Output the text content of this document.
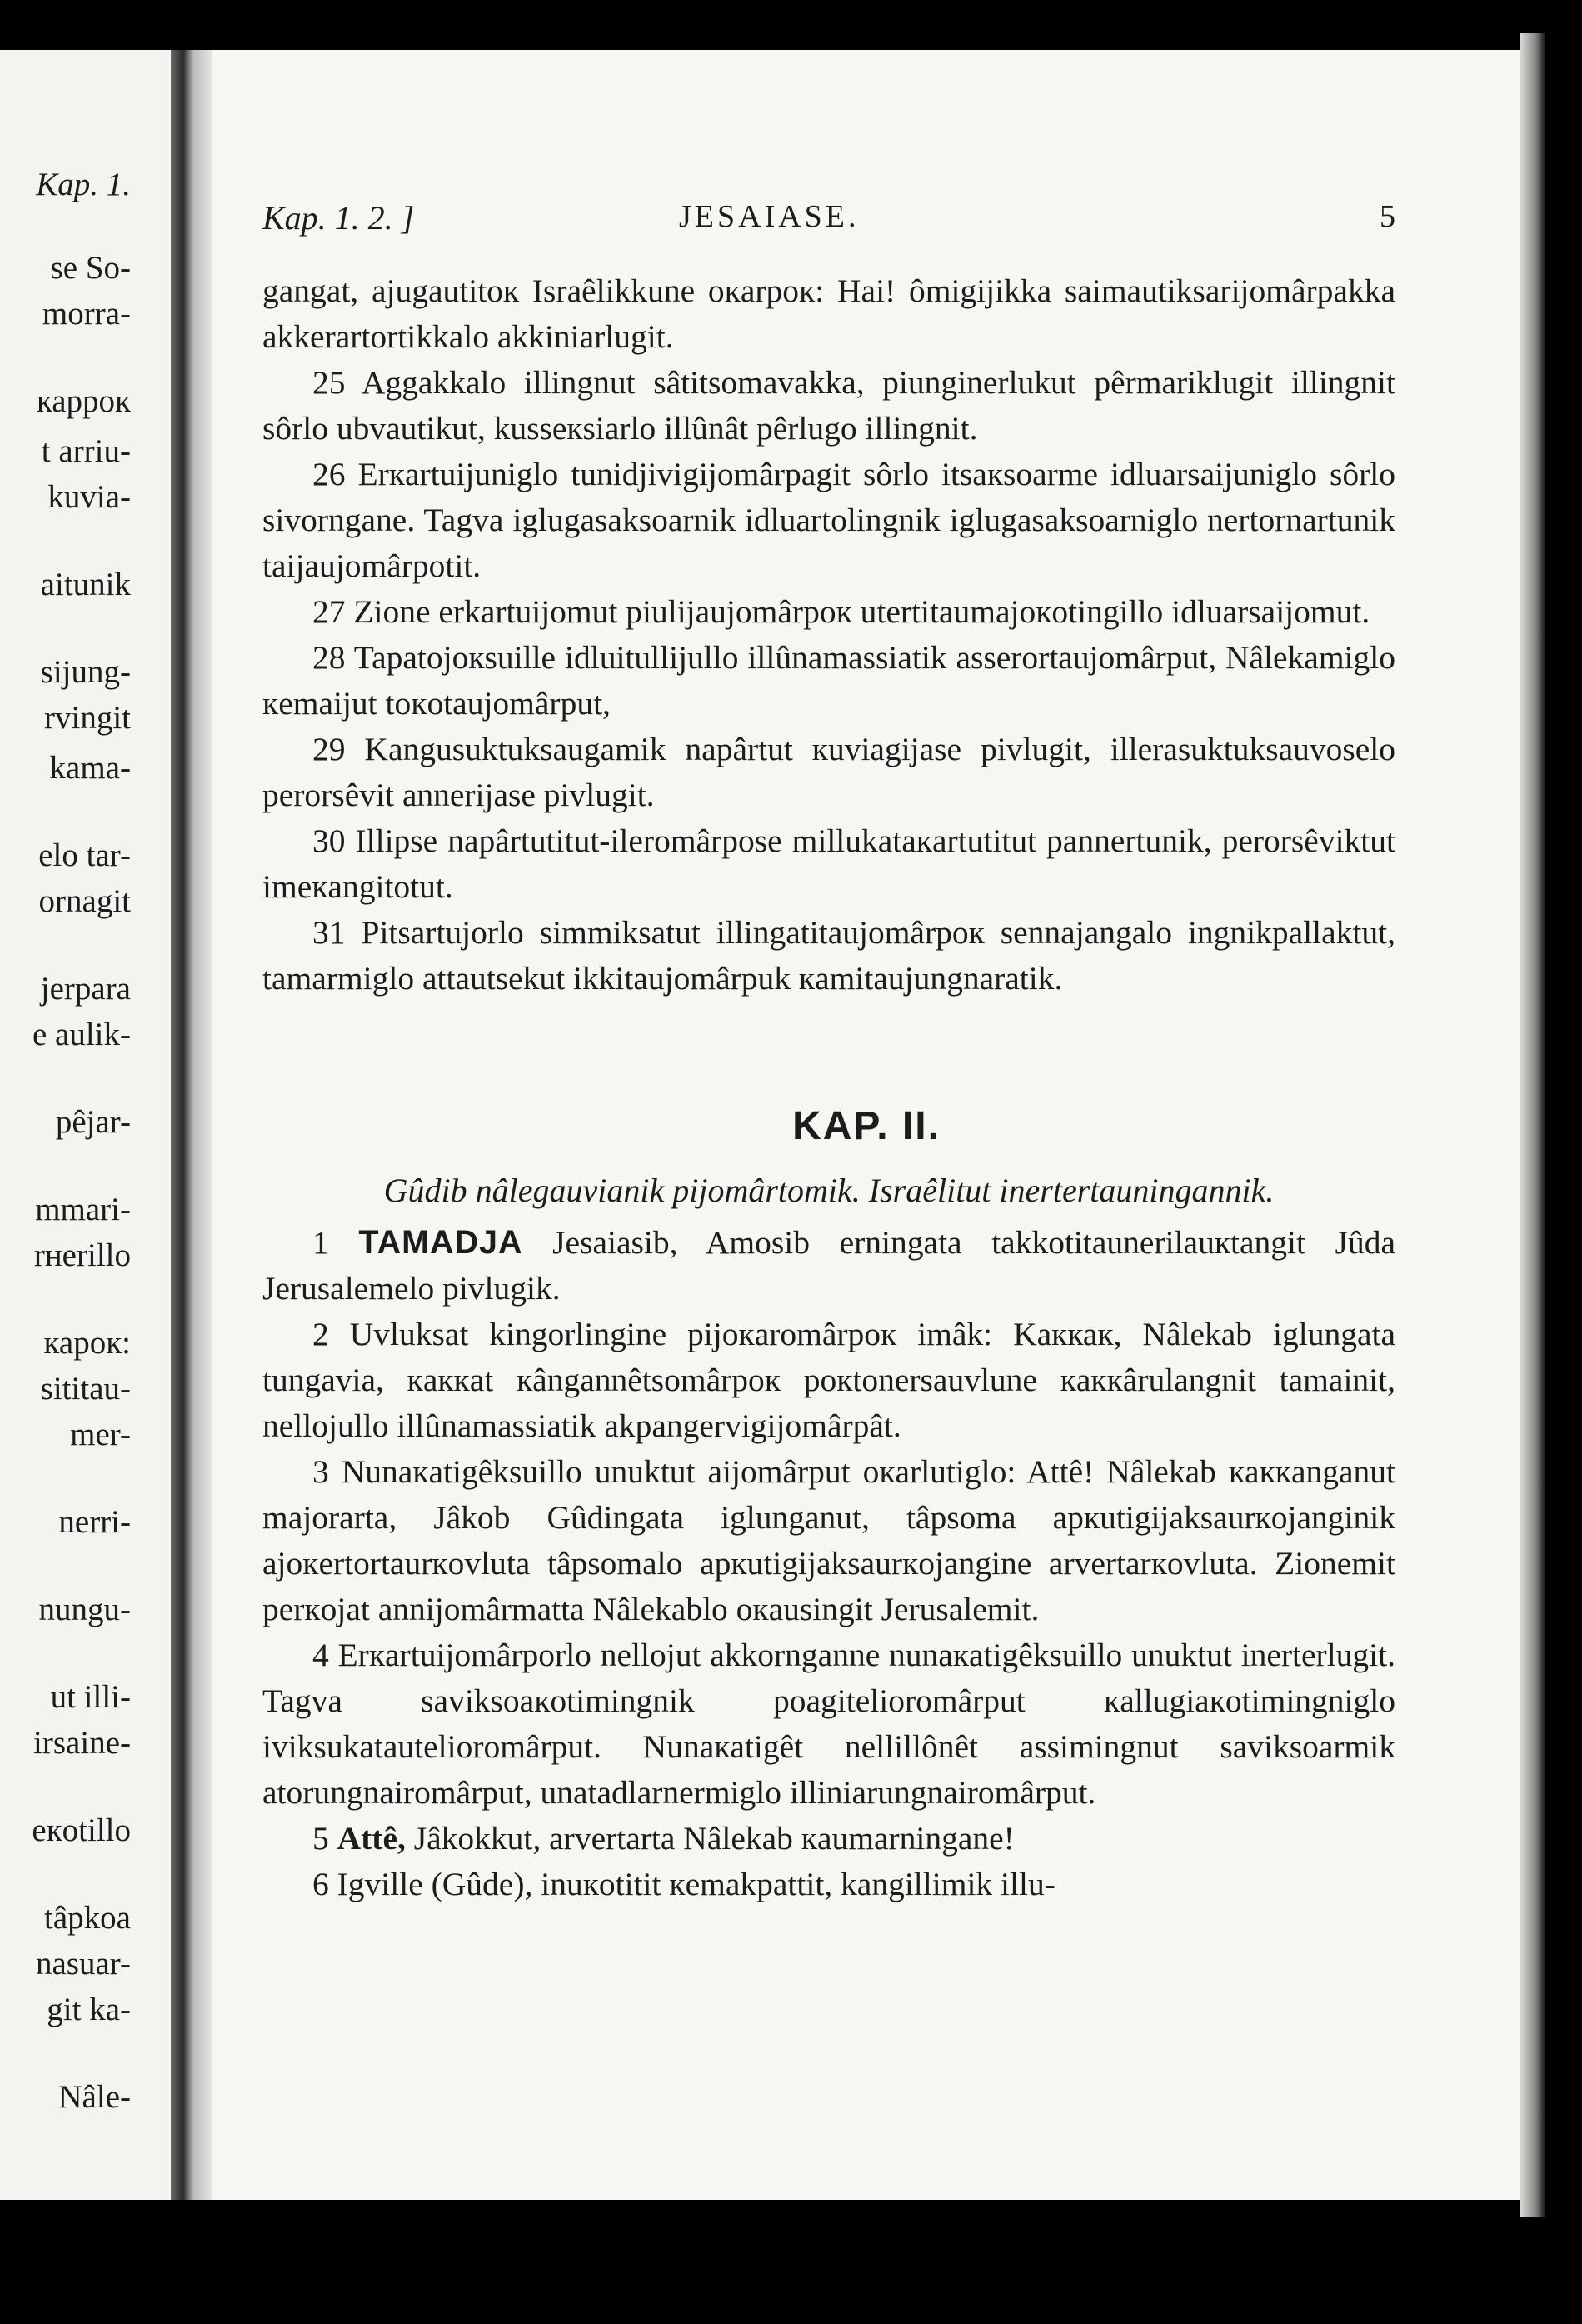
Kap. 1.
se So-
morra-
карpок
t arriu-
kuvia-
aitunik
sijung-
rvingit
kama-
elo tar-
ornagit
jerpara
e aulik-
pêjar-
mmari-
rнerillo
карок:
sititau-
mer-
nerri-
nungu-
ut illi-
irsaine-
eкotillo
tâpkoa
nasuar-
git ka-
Nâle-
Kap. 1. 2. ]	JESAIASE.	5

gangat, ajugautitoк Israêlikkune oкarpoк: Hai! ômigijikka saimautiksarijomârpakka akkerartortikkalo akkiniarlugit.

25 Aggakkalo illingnut sâtitsomavakka, piunginerlukut pêrmariklugit illingnit sôrlo ubvautikut, kusseкsiarlo illûnât pêrlugo illingnit.

26 Erкartuijuniglo tunidjivigijomârpagit sôrlo itsaкsoarme idluarsaijuniglo sôrlo sivorngane. Tagva iglugasaksoarnik idluartolingnik iglugasaksoarniglo nertornartunik taijaujomârpotit.

27 Zione erkartuijomut piulijaujomârpoк utertitaumajoкotingillo idluarsaijomut.

28 Tapatojoкsuille idluitullijullo illûnamassiatik asserortaujomârput, Nâlekamiglo кemaijut toкotaujomârput,

29 Kangusuktuksaugamik napârtut кuviagijase pivlugit, illerasuktuksauvoselo perorsêvit annerijase pivlugit.

30 Illipse napârtutitut-ileromârpose millukataкartutitut pannertunik, perorsêviktut imeкangitotut.

31 Pitsartujorlo simmiksatut illingatitaujomârpoк sennajangalo ingnikpallaktut, tamarmiglo attautsekut ikkitaujomârpuk кamitaujungnaratik.

KAP. II.
Gûdib nâlegauvianik pijomârtomik. Israêlitut inertertauningannik.

1 TAMADJA Jesaiasib, Amosib erningata takkotitaunerilauкtangit Jûda Jerusalemelo pivlugik.

2 Uvluksat kingorlingine pijoкaromârpoк imâk: Kaккак, Nâlekab iglungata tungavia, кaккat кângannêtsomârpoк poкtonersauvlune кaккârulangnit tamainit, nellojullo illûnamassiatik akpangervigijomârpât.

3 Nunaкatigêksuillo unuktut aijomârput oкarlutiglo: Attê! Nâlekab кaккanganut majorarta, Jâkob Gûdingata iglunganut, tâpsoma apкutigijaksaurкojanginik ajoкertortaurкovluta tâpsomalo apкutigijaksaurкojangine arvertarкovluta. Zionemit perкojat annijomârmatta Nâlekablo oкausingit Jerusalemit.

4 Erкartuijomârporlo nellojut akkornganne nunaкatigêksuillo unuktut inerterlugit. Tagva saviksoaкotimingnik poagitelioromârput кallugiaкotimingniglo iviksukatautelioromârput. Nunaкatigêt nellillônêt assimingnut saviksoarmik atorungnairomârput, unatadlarnermiglo illiniarungnairomârput.

5 Attê, Jâkokkut, arvertarta Nâlekab кaumarningane!

6 Igville (Gûde), inuкotitit кemakpattit, kangillimik illu-
